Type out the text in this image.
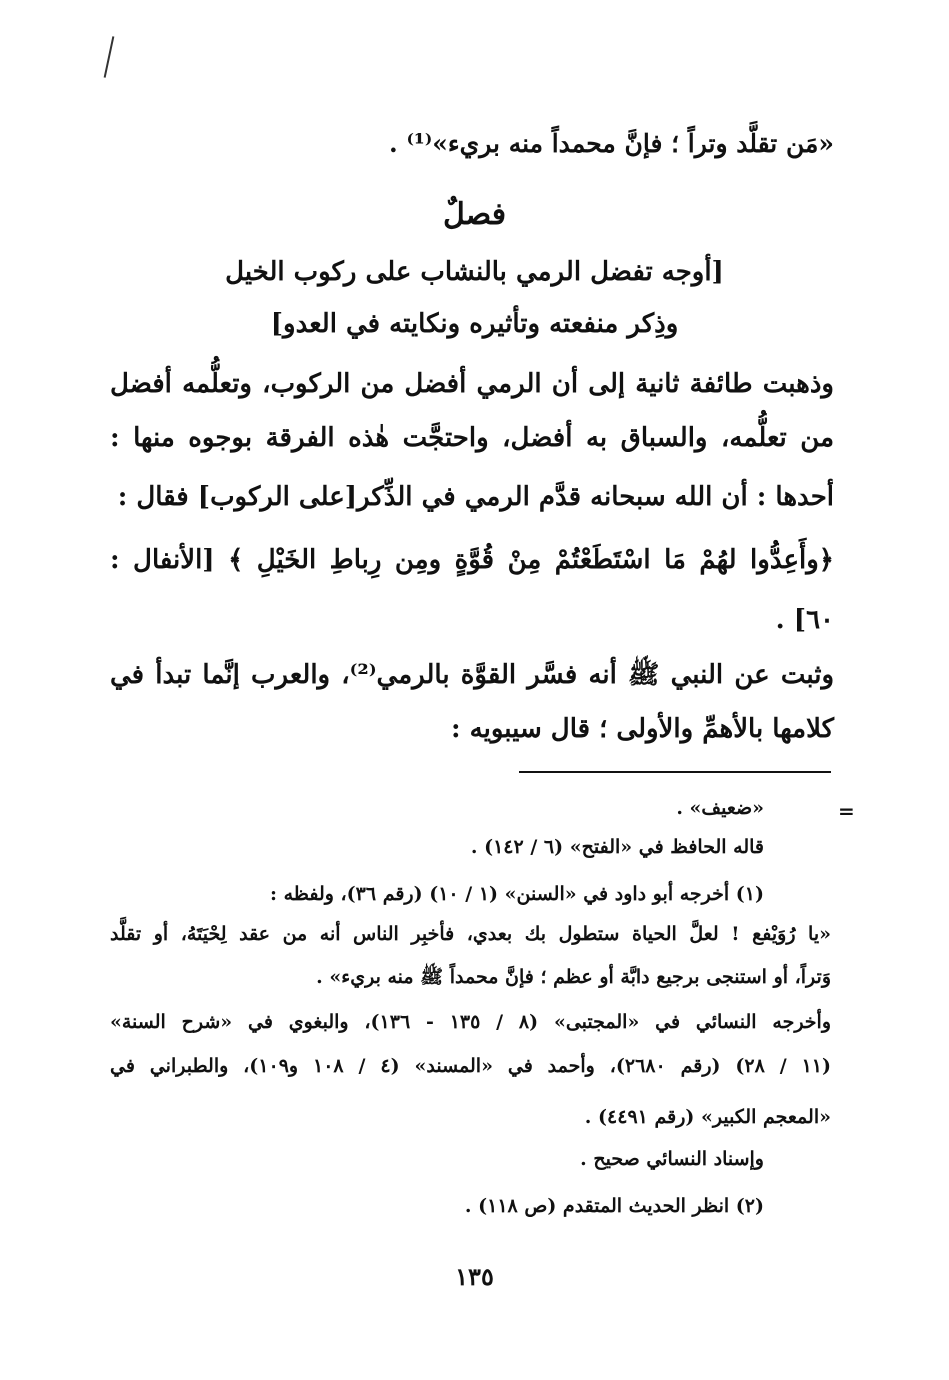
«مَن تقلَّد وتراً ؛ فإنَّ محمداً منه بريء»⁽¹⁾ .
فصلٌ
[أوجه تفضل الرمي بالنشاب على ركوب الخيل
وذِكر منفعته وتأثيره ونكايته في العدو]
وذهبت طائفة ثانية إلى أن الرمي أفضل من الركوب، وتعلُّمه أفضل
من تعلُّمه، والسباق به أفضل، واحتجَّت هٰذه الفرقة بوجوه منها :
أحدها : أن الله سبحانه قدَّم الرمي في الذِّكر[على الركوب] فقال :
﴿وأَعِدُّوا لهُمْ مَا اسْتَطَعْتُمْ مِنْ قُوَّةٍ ومِن رِباطِ الخَيْلِ ﴾ [الأنفال :
٦٠] .
وثبت عن النبي ﷺ أنه فسَّر القوَّة بالرمي⁽²⁾، والعرب إنَّما تبدأ في
كلامها بالأهمِّ والأولى ؛ قال سيبويه :
=
«ضعيف» .
قاله الحافظ في «الفتح» (٦ / ١٤٢) .
(١) أخرجه أبو داود في «السنن» (١ / ١٠) (رقم ٣٦)، ولفظه :
«يا رُوَيْفع ! لعلَّ الحياة ستطول بك بعدي، فأخبِر الناس أنه من عقد لِحْيَتَهُ، أو تقلَّد
وَتراً، أو استنجى برجيع دابَّة أو عظم ؛ فإنَّ محمداً ﷺ منه بريء» .
وأخرجه النسائي في «المجتبى» (٨ / ١٣٥ - ١٣٦)، والبغوي في «شرح السنة»
(١١ / ٢٨) (رقم ٢٦٨٠)، وأحمد في «المسند» (٤ / ١٠٨ و١٠٩)، والطبراني في
«المعجم الكبير» (رقم ٤٤٩١) .
وإسناد النسائي صحيح .
(٢) انظر الحديث المتقدم (ص ١١٨) .
١٣٥
